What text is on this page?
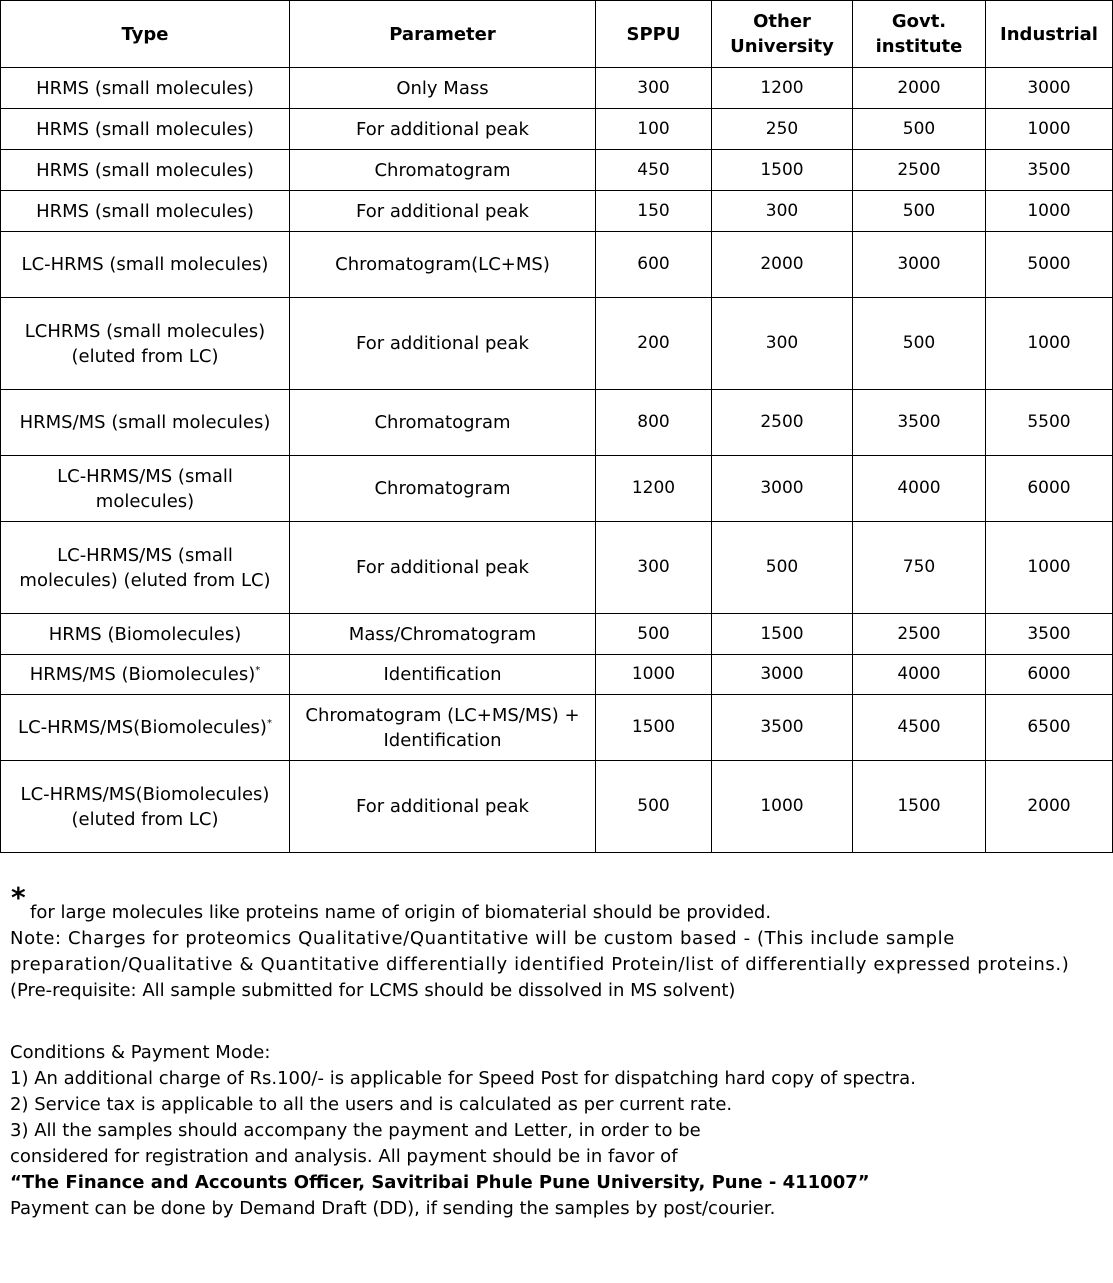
Type	Parameter	SPPU	Other University	Govt. institute	Industrial
HRMS (small molecules)	Only Mass	300	1200	2000	3000
HRMS (small molecules)	For additional peak	100	250	500	1000
HRMS (small molecules)	Chromatogram	450	1500	2500	3500
HRMS (small molecules)	For additional peak	150	300	500	1000
LC-HRMS (small molecules)	Chromatogram(LC+MS)	600	2000	3000	5000
LCHRMS (small molecules)(eluted from LC)	For additional peak	200	300	500	1000
HRMS/MS (small molecules)	Chromatogram	800	2500	3500	5500
LC-HRMS/MS (small molecules)	Chromatogram	1200	3000	4000	6000
LC-HRMS/MS (small molecules) (eluted from LC)	For additional peak	300	500	750	1000
HRMS (Biomolecules)	Mass/Chromatogram	500	1500	2500	3500
HRMS/MS (Biomolecules)*	Identification	1000	3000	4000	6000
LC-HRMS/MS(Biomolecules)*	Chromatogram (LC+MS/MS) + Identification	1500	3500	4500	6500
LC-HRMS/MS(Biomolecules) (eluted from LC)	For additional peak	500	1000	1500	2000
* for large molecules like proteins name of origin of biomaterial should be provided.

Note: Charges for proteomics Qualitative/Quantitative will be custom based - (This include sample preparation/Qualitative & Quantitative differentially identified Protein/list of differentially expressed proteins.)

(Pre-requisite: All sample submitted for LCMS should be dissolved in MS solvent)

Conditions & Payment Mode:

1) An additional charge of Rs.100/- is applicable for Speed Post for dispatching hard copy of spectra.

2) Service tax is applicable to all the users and is calculated as per current rate.

3) All the samples should accompany the payment and Letter, in order to be

considered for registration and analysis. All payment should be in favor of

“The Finance and Accounts Officer, Savitribai Phule Pune University, Pune - 411007”

Payment can be done by Demand Draft (DD), if sending the samples by post/courier.
